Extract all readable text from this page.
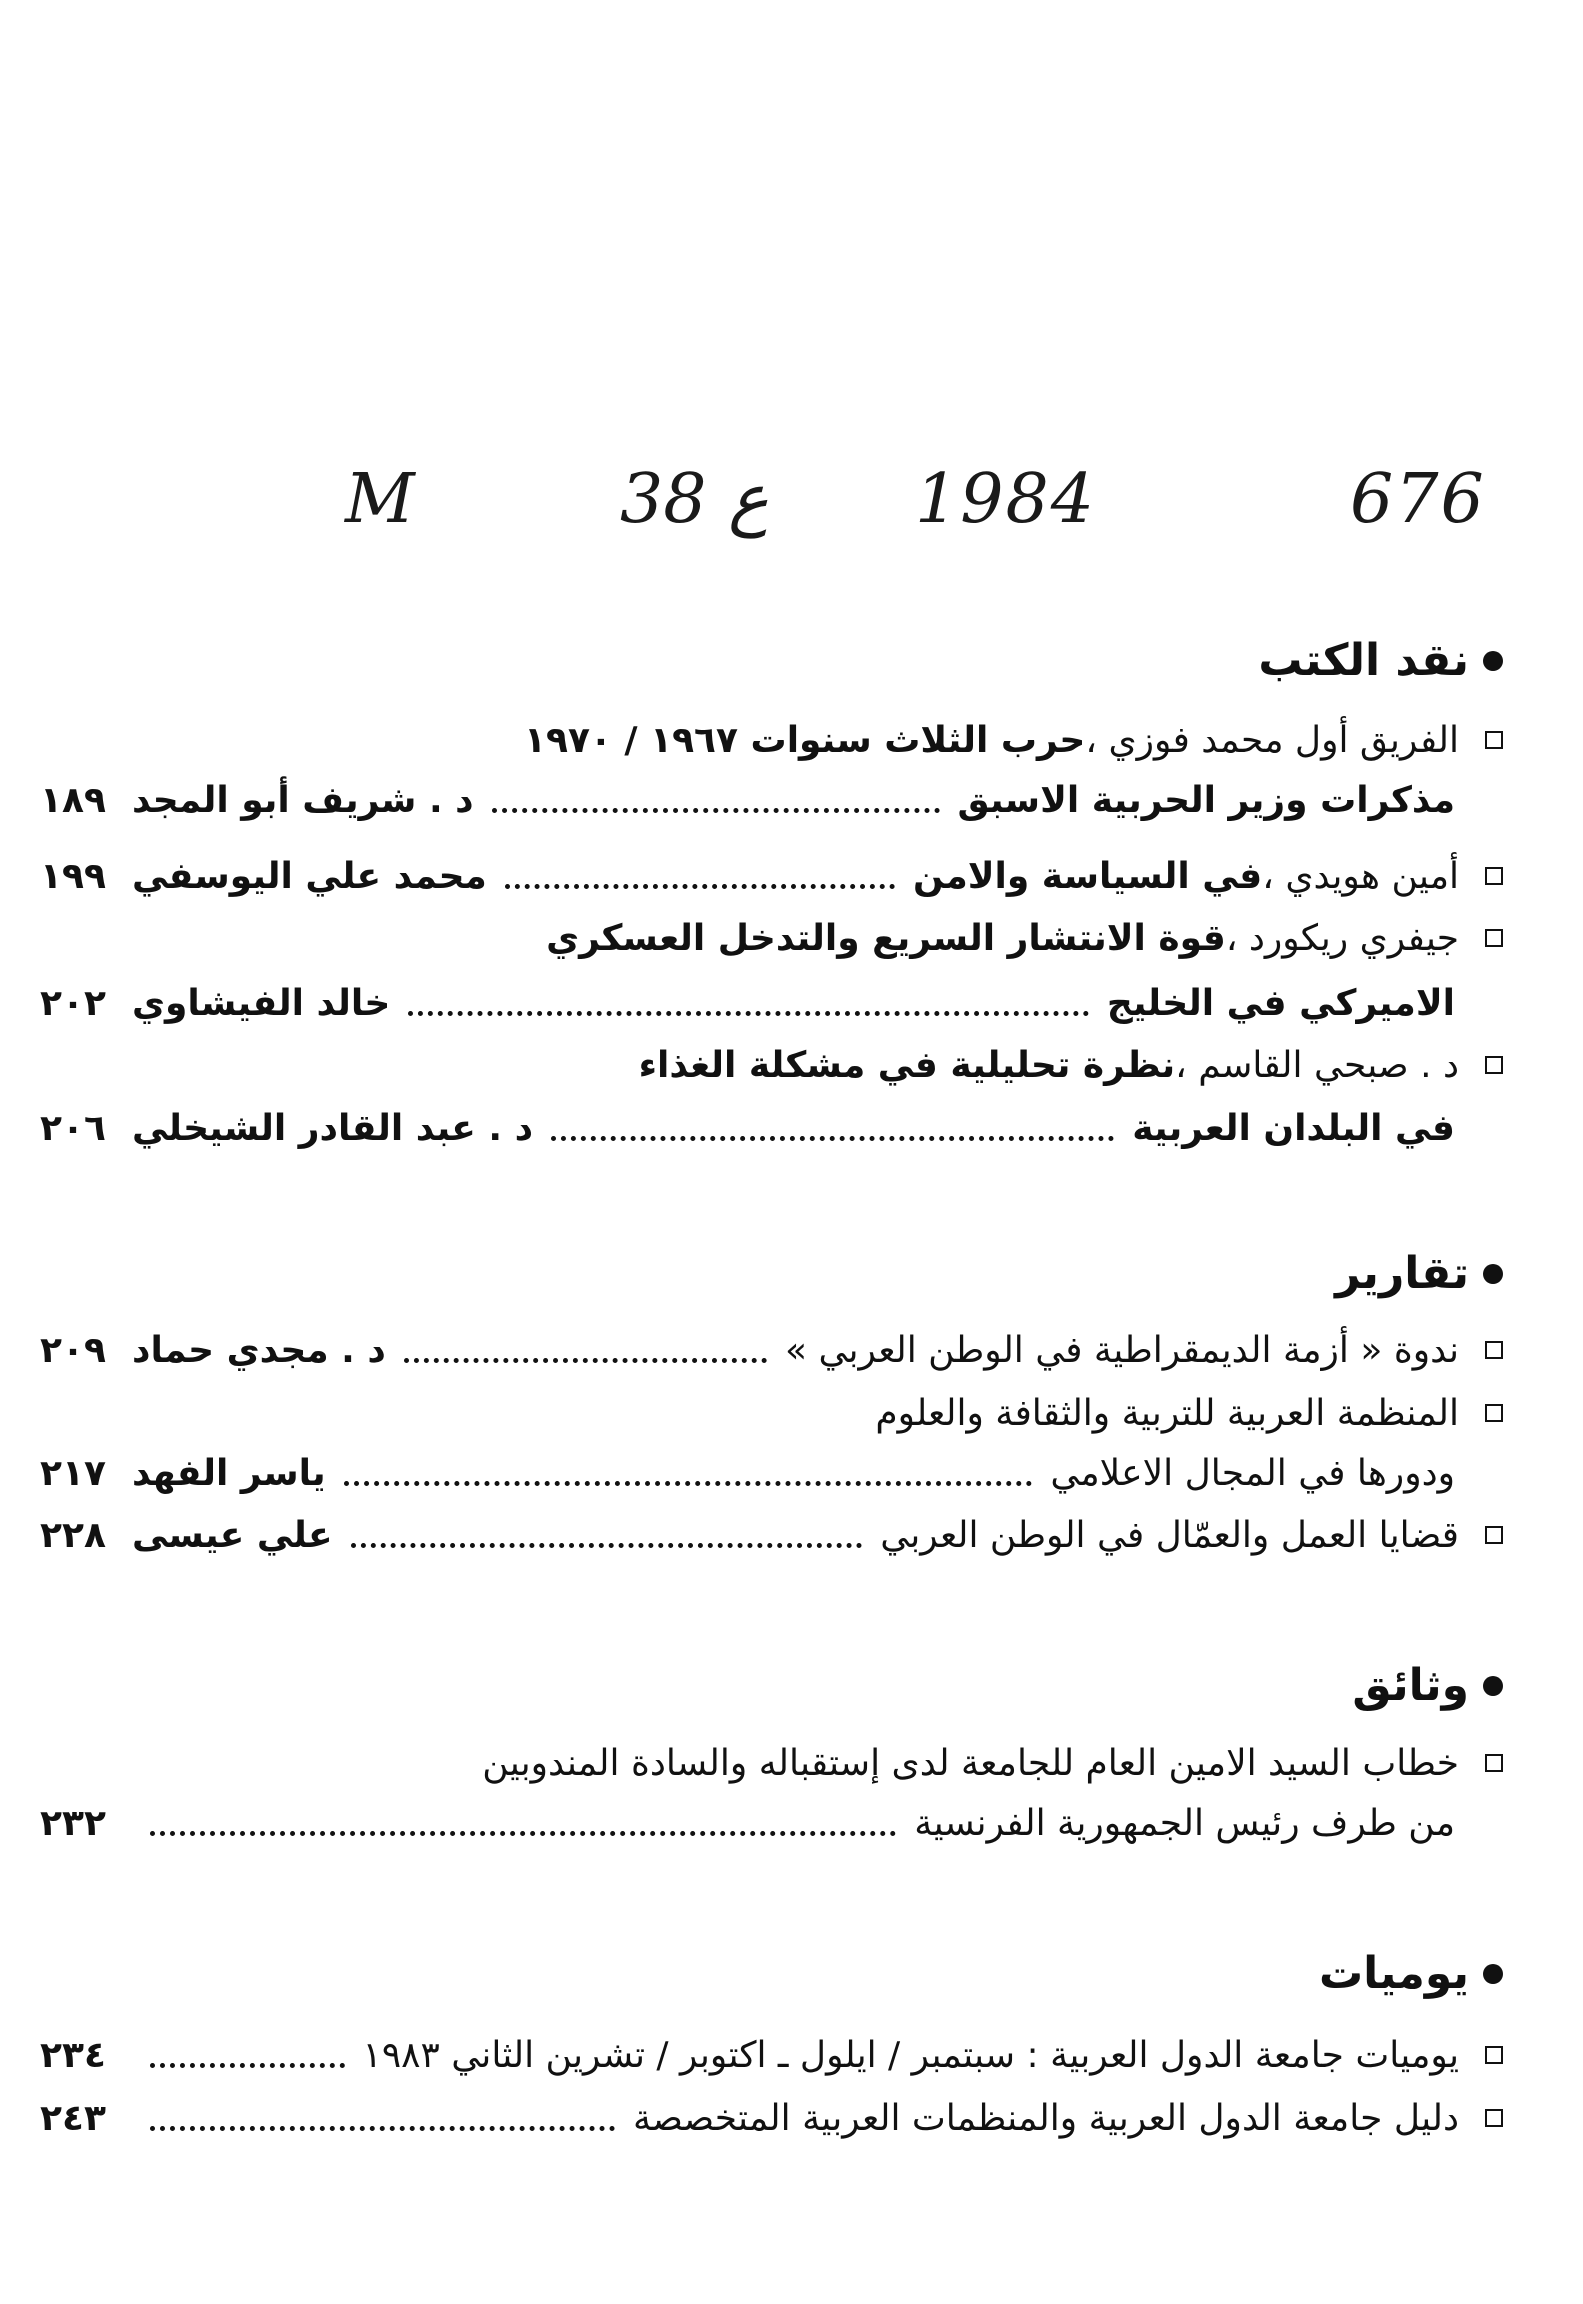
M	38 ع 1984	676
نقد الكتب
الفريق أول محمد فوزي ،
حرب الثلاث سنوات ١٩٦٧ / ١٩٧٠
مذكرات وزير الحربية الاسبق
د . شريف أبو المجد
١٨٩
أمين هويدي ،
في السياسة والامن
محمد علي اليوسفي
١٩٩
جيفري ريكورد ،
قوة الانتشار السريع والتدخل العسكري
الاميركي في الخليج
خالد الفيشاوي
٢٠٢
د . صبحي القاسم ،
نظرة تحليلية في مشكلة الغذاء
في البلدان العربية
د . عبد القادر الشيخلي
٢٠٦
تقارير
ندوة « أزمة الديمقراطية في الوطن العربي »
د . مجدي حماد
٢٠٩
المنظمة العربية للتربية والثقافة والعلوم
ودورها في المجال الاعلامي
ياسر الفهد
٢١٧
قضايا العمل والعمّال في الوطن العربي
علي عيسى
٢٢٨
وثائق
خطاب السيد الامين العام للجامعة لدى إستقباله والسادة المندوبين
من طرف رئيس الجمهورية الفرنسية
٢٣٢
يوميات
يوميات جامعة الدول العربية : سبتمبر / ايلول ـ اكتوبر / تشرين الثاني ١٩٨٣
٢٣٤
دليل جامعة الدول العربية والمنظمات العربية المتخصصة
٢٤٣
